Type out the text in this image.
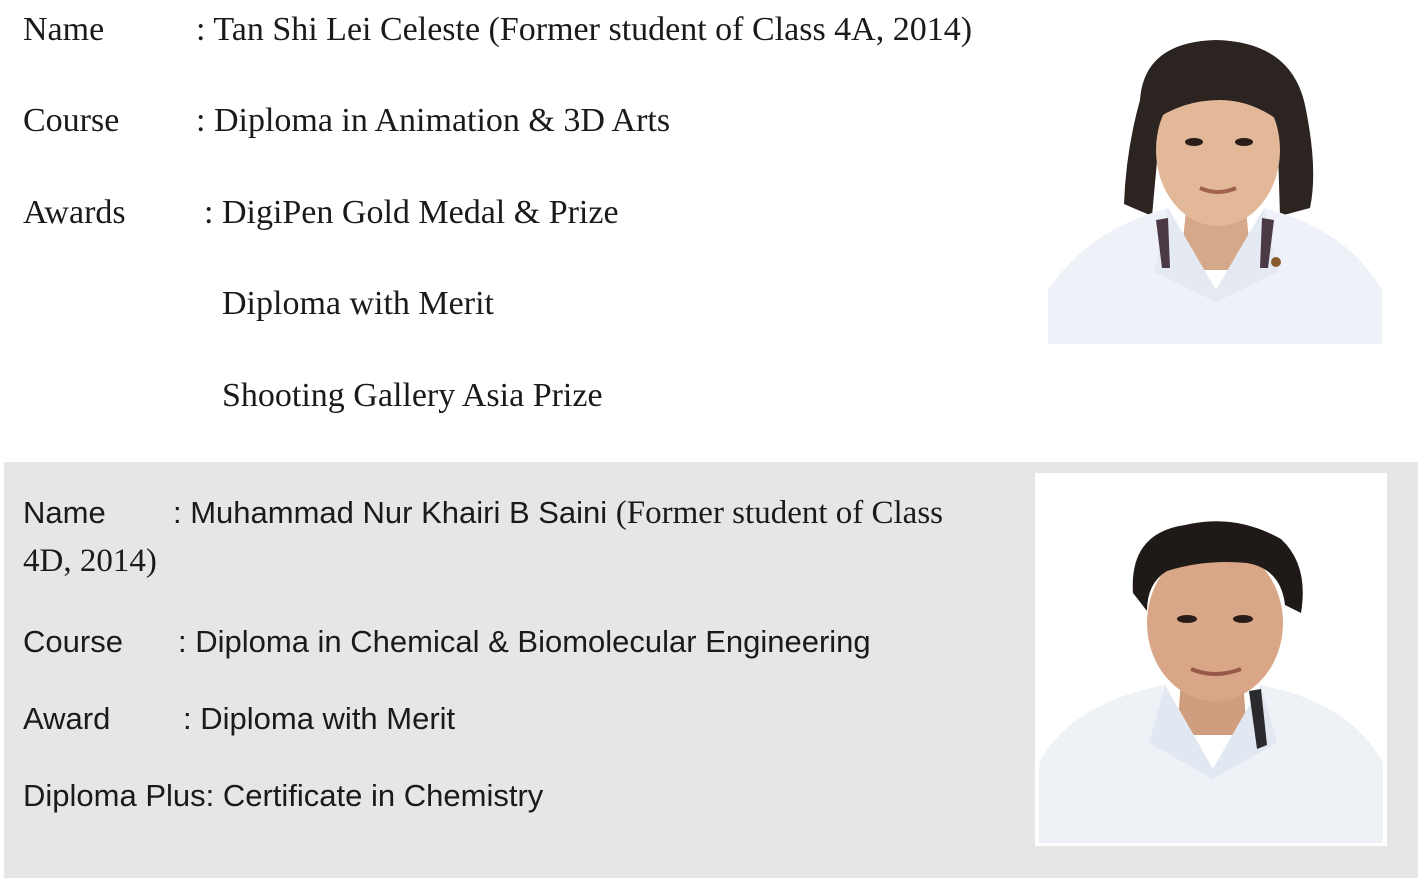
Name	: Tan Shi Lei Celeste (Former student of Class 4A, 2014)
Course : Diploma in Animation & 3D Arts
Awards : DigiPen Gold Medal & Prize
Diploma with Merit
Shooting Gallery Asia Prize
Name : Muhammad Nur Khairi B Saini (Former student of Class
4D, 2014)
Course : Diploma in Chemical & Biomolecular Engineering
Award : Diploma with Merit
Diploma Plus: Certificate in Chemistry
